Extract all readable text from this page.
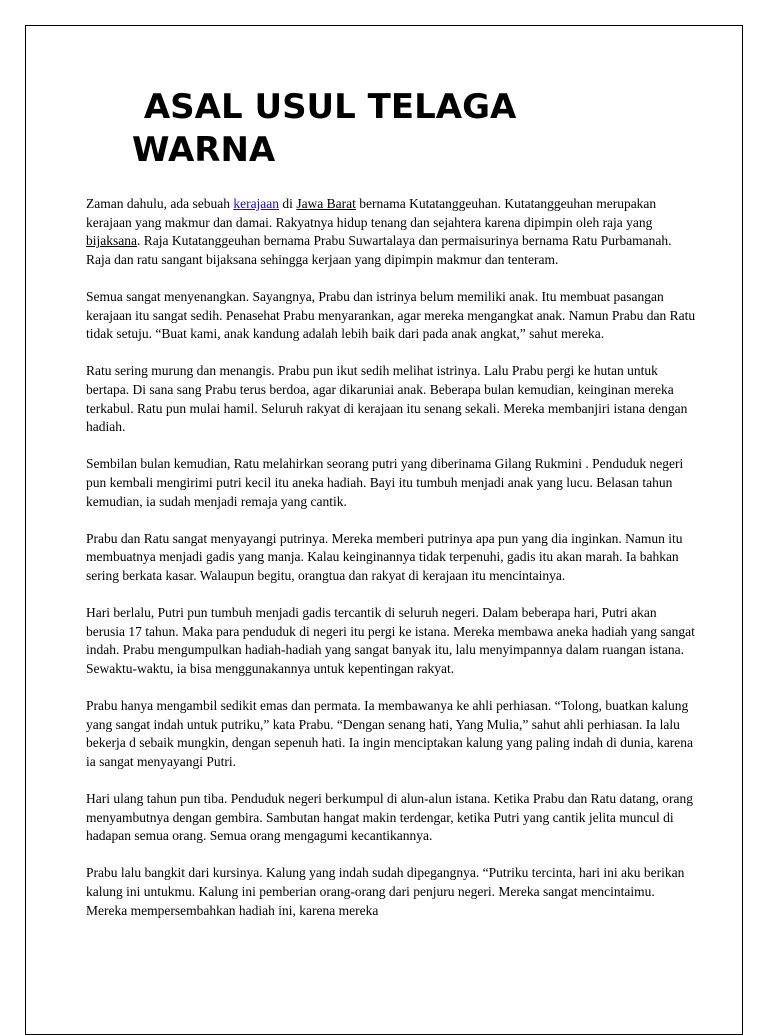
ASAL USUL TELAGA WARNA

Zaman dahulu, ada sebuah kerajaan di Jawa Barat bernama Kutatanggeuhan. Kutatanggeuhan merupakan kerajaan yang makmur dan damai. Rakyatnya hidup tenang dan sejahtera karena dipimpin oleh raja yang bijaksana. Raja Kutatanggeuhan bernama Prabu Suwartalaya dan permaisurinya bernama Ratu Purbamanah. Raja dan ratu sangant bijaksana sehingga kerjaan yang dipimpin makmur dan tenteram.

Semua sangat menyenangkan. Sayangnya, Prabu dan istrinya belum memiliki anak. Itu membuat pasangan kerajaan itu sangat sedih. Penasehat Prabu menyarankan, agar mereka mengangkat anak. Namun Prabu dan Ratu tidak setuju. “Buat kami, anak kandung adalah lebih baik dari pada anak angkat,” sahut mereka.

Ratu sering murung dan menangis. Prabu pun ikut sedih melihat istrinya. Lalu Prabu pergi ke hutan untuk bertapa. Di sana sang Prabu terus berdoa, agar dikaruniai anak. Beberapa bulan kemudian, keinginan mereka terkabul. Ratu pun mulai hamil. Seluruh rakyat di kerajaan itu senang sekali. Mereka membanjiri istana dengan hadiah.

Sembilan bulan kemudian, Ratu melahirkan seorang putri yang diberinama Gilang Rukmini . Penduduk negeri pun kembali mengirimi putri kecil itu aneka hadiah. Bayi itu tumbuh menjadi anak yang lucu. Belasan tahun kemudian, ia sudah menjadi remaja yang cantik.

Prabu dan Ratu sangat menyayangi putrinya. Mereka memberi putrinya apa pun yang dia inginkan. Namun itu membuatnya menjadi gadis yang manja. Kalau keinginannya tidak terpenuhi, gadis itu akan marah. Ia bahkan sering berkata kasar. Walaupun begitu, orangtua dan rakyat di kerajaan itu mencintainya.

Hari berlalu, Putri pun tumbuh menjadi gadis tercantik di seluruh negeri. Dalam beberapa hari, Putri akan berusia 17 tahun. Maka para penduduk di negeri itu pergi ke istana. Mereka membawa aneka hadiah yang sangat indah. Prabu mengumpulkan hadiah-hadiah yang sangat banyak itu, lalu menyimpannya dalam ruangan istana. Sewaktu-waktu, ia bisa menggunakannya untuk kepentingan rakyat.

Prabu hanya mengambil sedikit emas dan permata. Ia membawanya ke ahli perhiasan. “Tolong, buatkan kalung yang sangat indah untuk putriku,” kata Prabu. “Dengan senang hati, Yang Mulia,” sahut ahli perhiasan. Ia lalu bekerja d sebaik mungkin, dengan sepenuh hati. Ia ingin menciptakan kalung yang paling indah di dunia, karena ia sangat menyayangi Putri.

Hari ulang tahun pun tiba. Penduduk negeri berkumpul di alun-alun istana. Ketika Prabu dan Ratu datang, orang menyambutnya dengan gembira. Sambutan hangat makin terdengar, ketika Putri yang cantik jelita muncul di hadapan semua orang. Semua orang mengagumi kecantikannya.

Prabu lalu bangkit dari kursinya. Kalung yang indah sudah dipegangnya. “Putriku tercinta, hari ini aku berikan kalung ini untukmu. Kalung ini pemberian orang-orang dari penjuru negeri. Mereka sangat mencintaimu. Mereka mempersembahkan hadiah ini, karena mereka
